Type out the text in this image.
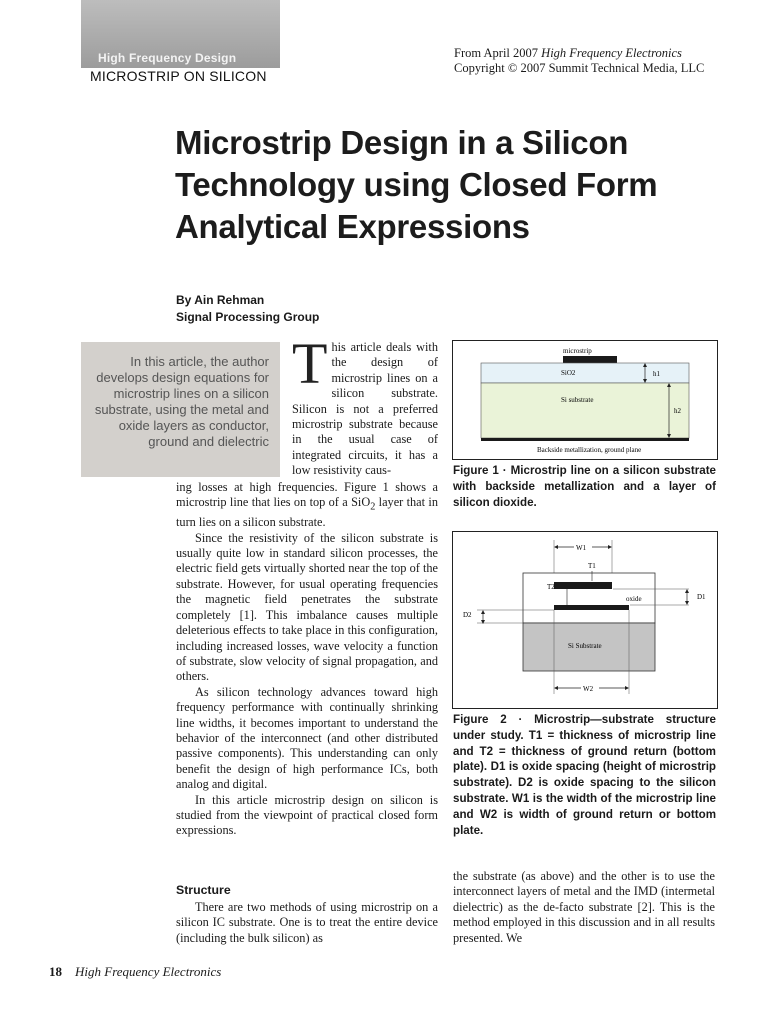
High Frequency Design
MICROSTRIP ON SILICON
From April 2007 High Frequency Electronics
Copyright © 2007 Summit Technical Media, LLC
Microstrip Design in a Silicon Technology using Closed Form Analytical Expressions
By Ain Rehman
Signal Processing Group
In this article, the author develops design equations for microstrip lines on a silicon substrate, using the metal and oxide layers as conductor, ground and dielectric
This article deals with the design of microstrip lines on a silicon substrate. Silicon is not a preferred microstrip substrate because in the usual case of integrated circuits, it has a low resistivity caus-

ing losses at high frequencies. Figure 1 shows a microstrip line that lies on top of a SiO$_2$ layer that in turn lies on a silicon substrate.

Since the resistivity of the silicon substrate is usually quite low in standard silicon processes, the electric field gets virtually shorted near the top of the substrate. However, for usual operating frequencies the magnetic field penetrates the substrate completely [1]. This imbalance causes multiple deleterious effects to take place in this configuration, including increased losses, wave velocity a function of substrate, slow velocity of signal propagation, and others.

As silicon technology advances toward high frequency performance with continually shrinking line widths, it becomes important to understand the behavior of the interconnect (and other distributed passive components). This understanding can only benefit the design of high performance ICs, both analog and digital.

In this article microstrip design on silicon is studied from the viewpoint of practical closed form expressions.

Structure

There are two methods of using microstrip on a silicon IC substrate. One is to treat the entire device (including the bulk silicon) as

microstrip
SiO2
Si substrate
Backside metallization, ground plane
h1
h2
Figure 1 · Microstrip line on a silicon substrate with backside metallization and a layer of silicon dioxide.
W1
oxide
T1
T2
Si Substrate
D1
D2
W2
Figure 2 · Microstrip—substrate structure under study. T1 = thickness of microstrip line and T2 = thickness of ground return (bottom plate). D1 is oxide spacing (height of microstrip substrate). D2 is oxide spacing to the silicon substrate. W1 is the width of the microstrip line and W2 is width of ground return or bottom plate.

the substrate (as above) and the other is to use the interconnect layers of metal and the IMD (intermetal dielectric) as the de-facto substrate [2]. This is the method employed in this discussion and in all results presented. We

18 High Frequency Electronics
